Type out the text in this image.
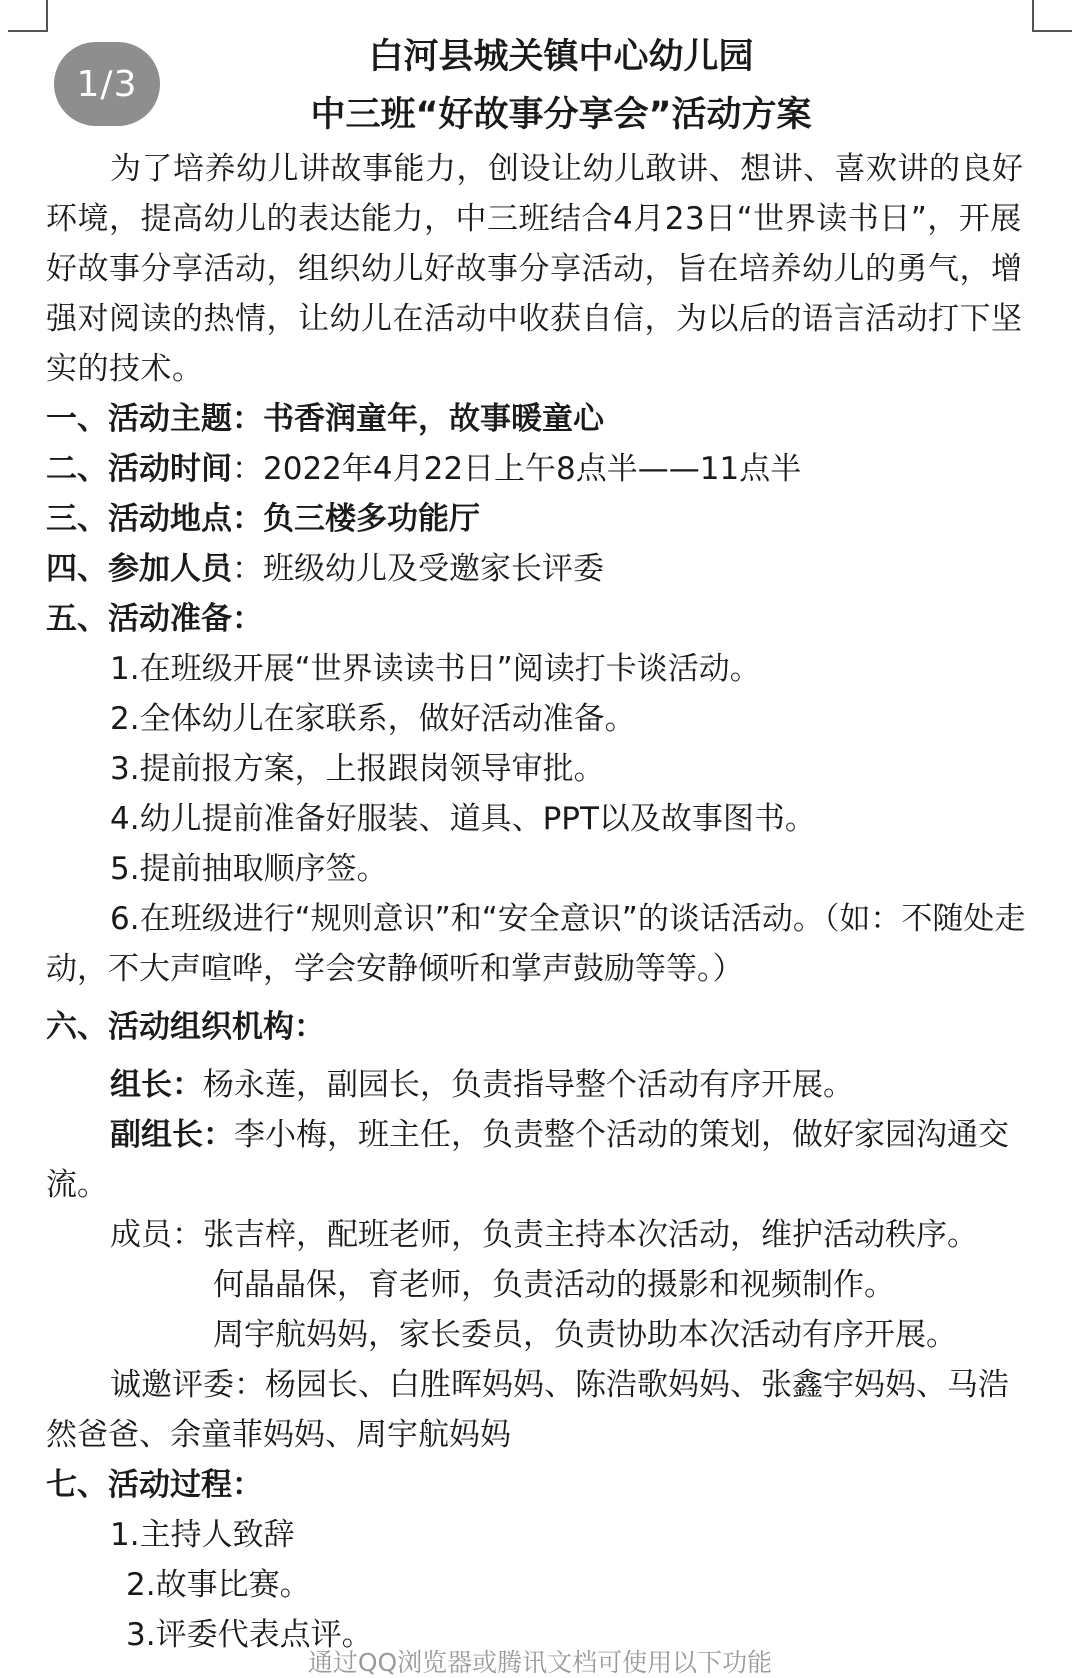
1/3

白河县城关镇中心幼儿园

中三班“好故事分享会”活动方案

为了培养幼儿讲故事能力，创设让幼儿敢讲、想讲、喜欢讲的良好环境，提高幼儿的表达能力，中三班结合4月23日“世界读书日”，开展好故事分享活动，组织幼儿好故事分享活动，旨在培养幼儿的勇气，增强对阅读的热情，让幼儿在活动中收获自信，为以后的语言活动打下坚实的技术。

一、活动主题：书香润童年，故事暖童心

二、活动时间：2022年4月22日上午8点半——11点半

三、活动地点：负三楼多功能厅

四、参加人员：班级幼儿及受邀家长评委

五、活动准备：

1.在班级开展“世界读读书日”阅读打卡谈活动。

2.全体幼儿在家联系，做好活动准备。

3.提前报方案，上报跟岗领导审批。

4.幼儿提前准备好服装、道具、PPT以及故事图书。

5.提前抽取顺序签。

6.在班级进行“规则意识”和“安全意识”的谈话活动。（如：不随处走动，不大声喧哗，学会安静倾听和掌声鼓励等等。）

六、活动组织机构：

组长：杨永莲，副园长，负责指导整个活动有序开展。

副组长：李小梅，班主任，负责整个活动的策划，做好家园沟通交流。

成员：张吉梓，配班老师，负责主持本次活动，维护活动秩序。

何晶晶保，育老师，负责活动的摄影和视频制作。

周宇航妈妈，家长委员，负责协助本次活动有序开展。

诚邀评委：杨园长、白胜晖妈妈、陈浩歌妈妈、张鑫宇妈妈、马浩然爸爸、余童菲妈妈、周宇航妈妈

七、活动过程：

1.主持人致辞

2.故事比赛。

3.评委代表点评。

通过QQ浏览器或腾讯文档可使用以下功能
